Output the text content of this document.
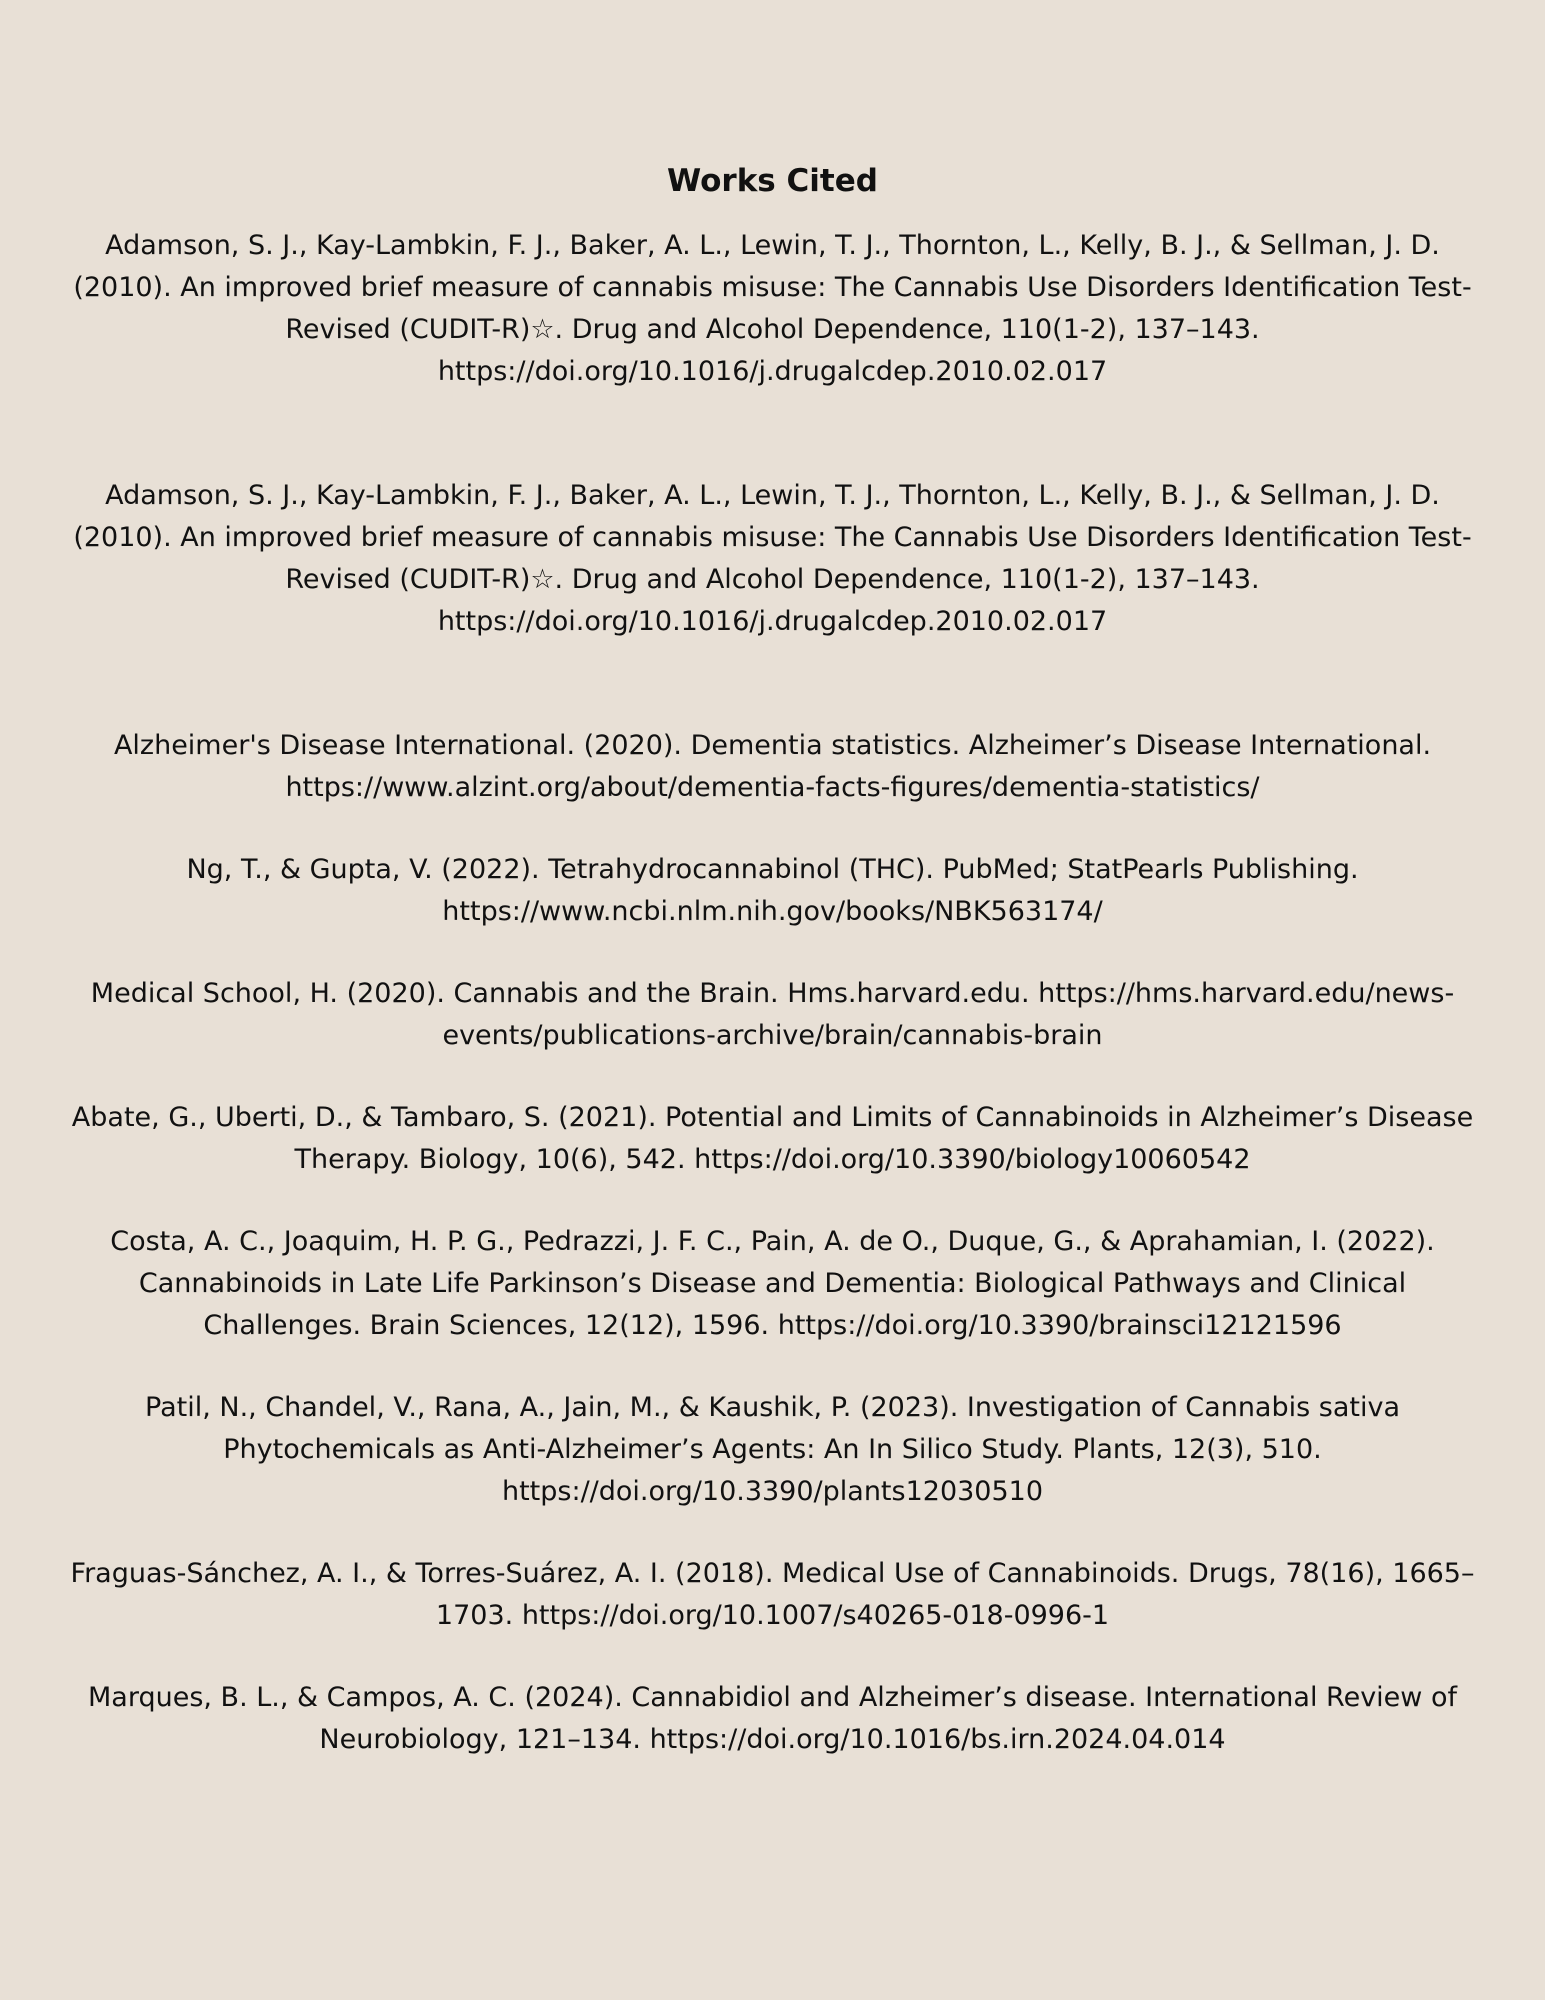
Works Cited
Adamson, S. J., Kay-Lambkin, F. J., Baker, A. L., Lewin, T. J., Thornton, L., Kelly, B. J., & Sellman, J. D. (2010). An improved brief measure of cannabis misuse: The Cannabis Use Disorders Identification Test-Revised (CUDIT-R)☆. Drug and Alcohol Dependence, 110(1-2), 137–143. https://doi.org/10.1016/j.drugalcdep.2010.02.017
Adamson, S. J., Kay-Lambkin, F. J., Baker, A. L., Lewin, T. J., Thornton, L., Kelly, B. J., & Sellman, J. D. (2010). An improved brief measure of cannabis misuse: The Cannabis Use Disorders Identification Test-Revised (CUDIT-R)☆. Drug and Alcohol Dependence, 110(1-2), 137–143. https://doi.org/10.1016/j.drugalcdep.2010.02.017
Alzheimer's Disease International. (2020). Dementia statistics. Alzheimer’s Disease International. https://www.alzint.org/about/dementia-facts-figures/dementia-statistics/
Ng, T., & Gupta, V. (2022). Tetrahydrocannabinol (THC). PubMed; StatPearls Publishing. https://www.ncbi.nlm.nih.gov/books/NBK563174/
Medical School, H. (2020). Cannabis and the Brain. Hms.harvard.edu. https://hms.harvard.edu/news-events/publications-archive/brain/cannabis-brain
Abate, G., Uberti, D., & Tambaro, S. (2021). Potential and Limits of Cannabinoids in Alzheimer’s Disease Therapy. Biology, 10(6), 542. https://doi.org/10.3390/biology10060542
Costa, A. C., Joaquim, H. P. G., Pedrazzi, J. F. C., Pain, A. de O., Duque, G., & Aprahamian, I. (2022). Cannabinoids in Late Life Parkinson’s Disease and Dementia: Biological Pathways and Clinical Challenges. Brain Sciences, 12(12), 1596. https://doi.org/10.3390/brainsci12121596
Patil, N., Chandel, V., Rana, A., Jain, M., & Kaushik, P. (2023). Investigation of Cannabis sativa Phytochemicals as Anti-Alzheimer’s Agents: An In Silico Study. Plants, 12(3), 510. https://doi.org/10.3390/plants12030510
Fraguas-Sánchez, A. I., & Torres-Suárez, A. I. (2018). Medical Use of Cannabinoids. Drugs, 78(16), 1665–1703. https://doi.org/10.1007/s40265-018-0996-1
Marques, B. L., & Campos, A. C. (2024). Cannabidiol and Alzheimer’s disease. International Review of Neurobiology, 121–134. https://doi.org/10.1016/bs.irn.2024.04.014
